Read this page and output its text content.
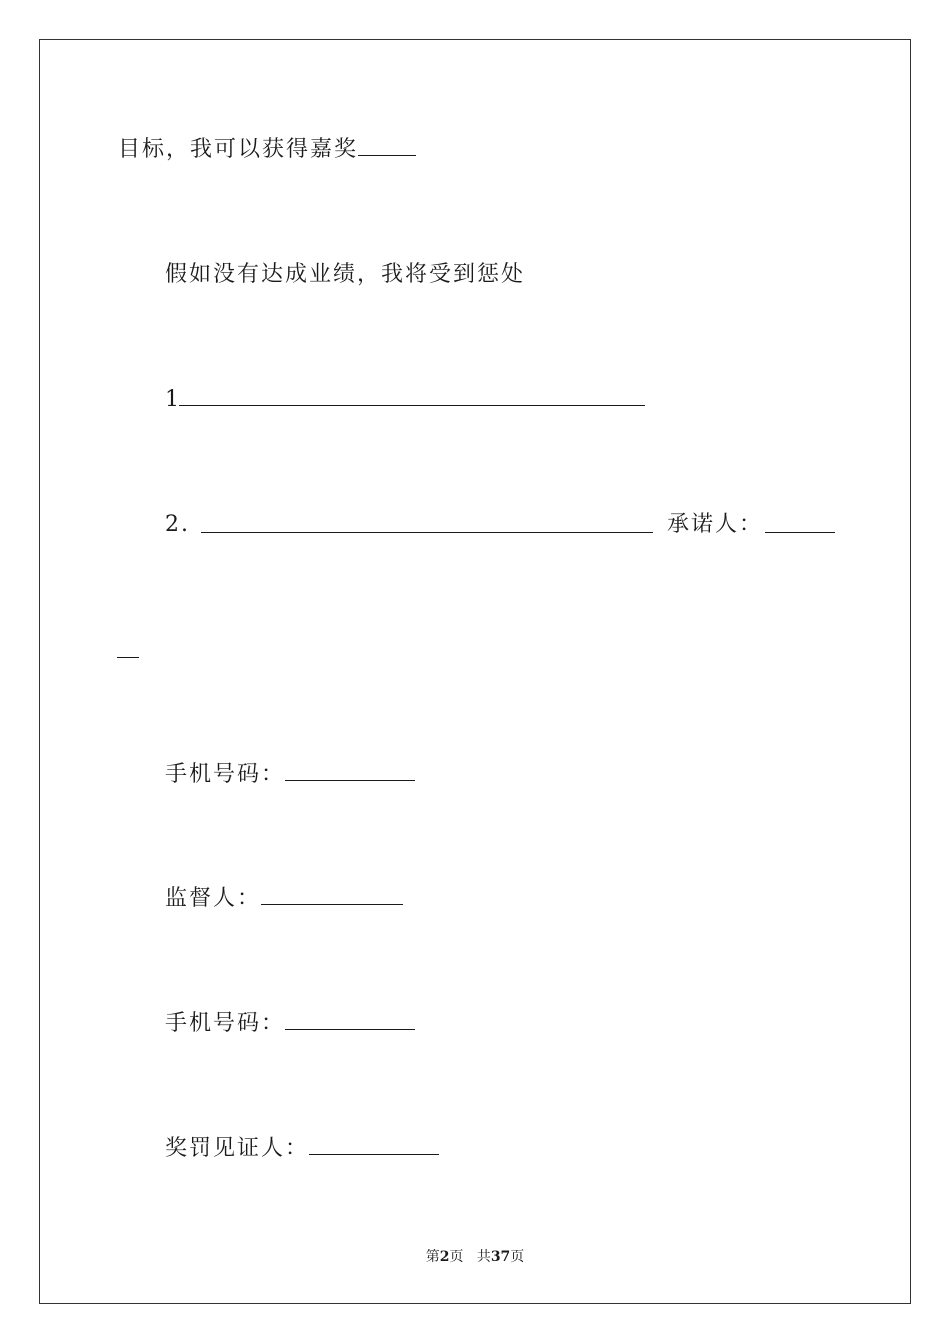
目标，我可以获得嘉奖
假如没有达成业绩，我将受到惩处
1
2.	承诺人：
手机号码：
监督人：
手机号码：
奖罚见证人：
第2页 共37页
